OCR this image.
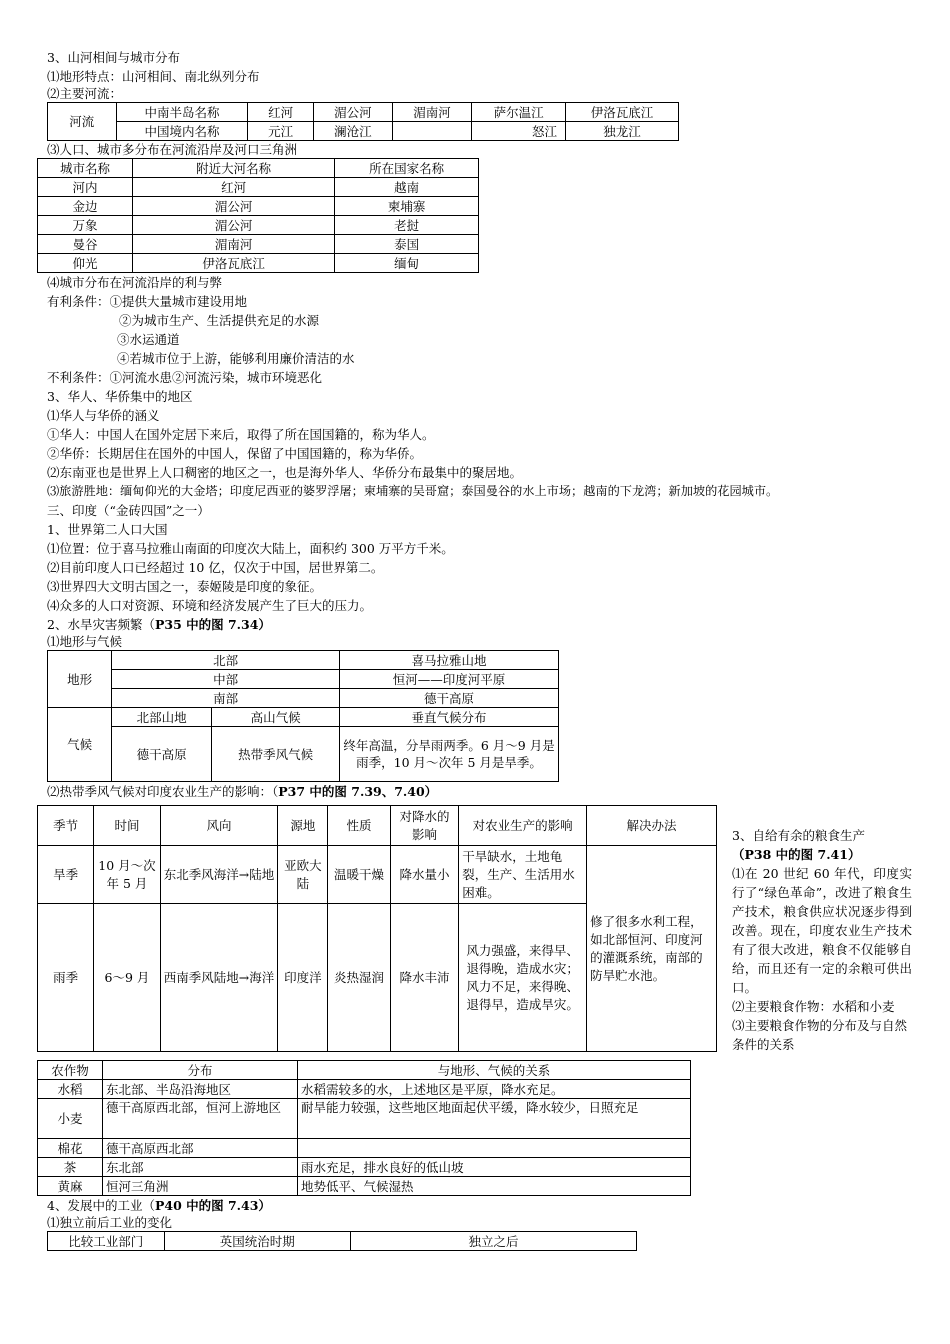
3、山河相间与城市分布
⑴地形特点：山河相间、南北纵列分布
⑵主要河流：
河流	中南半岛名称	红河	湄公河	湄南河	萨尔温江	伊洛瓦底江
	中国境内名称	元江	澜沧江		怒江	独龙江
⑶人口、城市多分布在河流沿岸及河口三角洲
城市名称	附近大河名称	所在国家名称
河内	红河	越南
金边	湄公河	柬埔寨
万象	湄公河	老挝
曼谷	湄南河	泰国
仰光	伊洛瓦底江	缅甸
⑷城市分布在河流沿岸的利与弊
有利条件：①提供大量城市建设用地
②为城市生产、生活提供充足的水源
③水运通道
④若城市位于上游，能够利用廉价清洁的水
不利条件：①河流水患②河流污染，城市环境恶化
3、华人、华侨集中的地区
⑴华人与华侨的涵义
①华人：中国人在国外定居下来后，取得了所在国国籍的，称为华人。
②华侨：长期居住在国外的中国人，保留了中国国籍的，称为华侨。
⑵东南亚也是世界上人口稠密的地区之一，也是海外华人、华侨分布最集中的聚居地。
⑶旅游胜地：缅甸仰光的大金塔；印度尼西亚的婆罗浮屠；柬埔寨的吴哥窟；泰国曼谷的水上市场；越南的下龙湾；新加坡的花园城市。
三、印度（“金砖四国”之一）
1、世界第二人口大国
⑴位置：位于喜马拉雅山南面的印度次大陆上，面积约 300 万平方千米。
⑵目前印度人口已经超过 10 亿，仅次于中国，居世界第二。
⑶世界四大文明古国之一，泰姬陵是印度的象征。
⑷众多的人口对资源、环境和经济发展产生了巨大的压力。
2、水旱灾害频繁（P35 中的图 7.34）
⑴地形与气候
地形	北部		喜马拉雅山地
	中部		恒河——印度河平原
	南部		德干高原
气候	北部山地	高山气候	垂直气候分布
	德干高原	热带季风气候	终年高温，分旱雨两季。6 月～9 月是雨季，10 月～次年 5 月是旱季。
⑵热带季风气候对印度农业生产的影响：（P37 中的图 7.39、7.40）
季节	时间	风向	源地	性质	对降水的影响	对农业生产的影响	解决办法
旱季	10 月～次年 5 月	东北季风海洋→陆地	亚欧大陆	温暖干燥	降水量小	干旱缺水，土地龟裂，生产、生活用水困难。	修了很多水利工程，如北部恒河、印度河的灌溉系统，南部的防旱贮水池。
雨季	6～9 月	西南季风陆地→海洋	印度洋	炎热湿润	降水丰沛	风力强盛，来得早、退得晚，造成水灾；风力不足，来得晚、退得早，造成旱灾。	
农作物	分布	与地形、气候的关系
水稻	东北部、半岛沿海地区	水稻需较多的水，上述地区是平原，降水充足。
小麦	德干高原西北部，恒河上游地区	耐旱能力较强，这些地区地面起伏平缓，降水较少，日照充足
棉花	德干高原西北部	
茶	东北部	雨水充足，排水良好的低山坡
黄麻	恒河三角洲	地势低平、气候湿热
4、发展中的工业（P40 中的图 7.43）
⑴独立前后工业的变化
比较工业部门	英国统治时期	独立之后
3、自给有余的粮食生产
（P38 中的图 7.41）
⑴在 20 世纪 60 年代，印度实行了“绿色革命”，改进了粮食生产技术，粮食供应状况逐步得到改善。现在，印度农业生产技术有了很大改进，粮食不仅能够自给，而且还有一定的余粮可供出口。
⑵主要粮食作物：水稻和小麦
⑶主要粮食作物的分布及与自然条件的关系
